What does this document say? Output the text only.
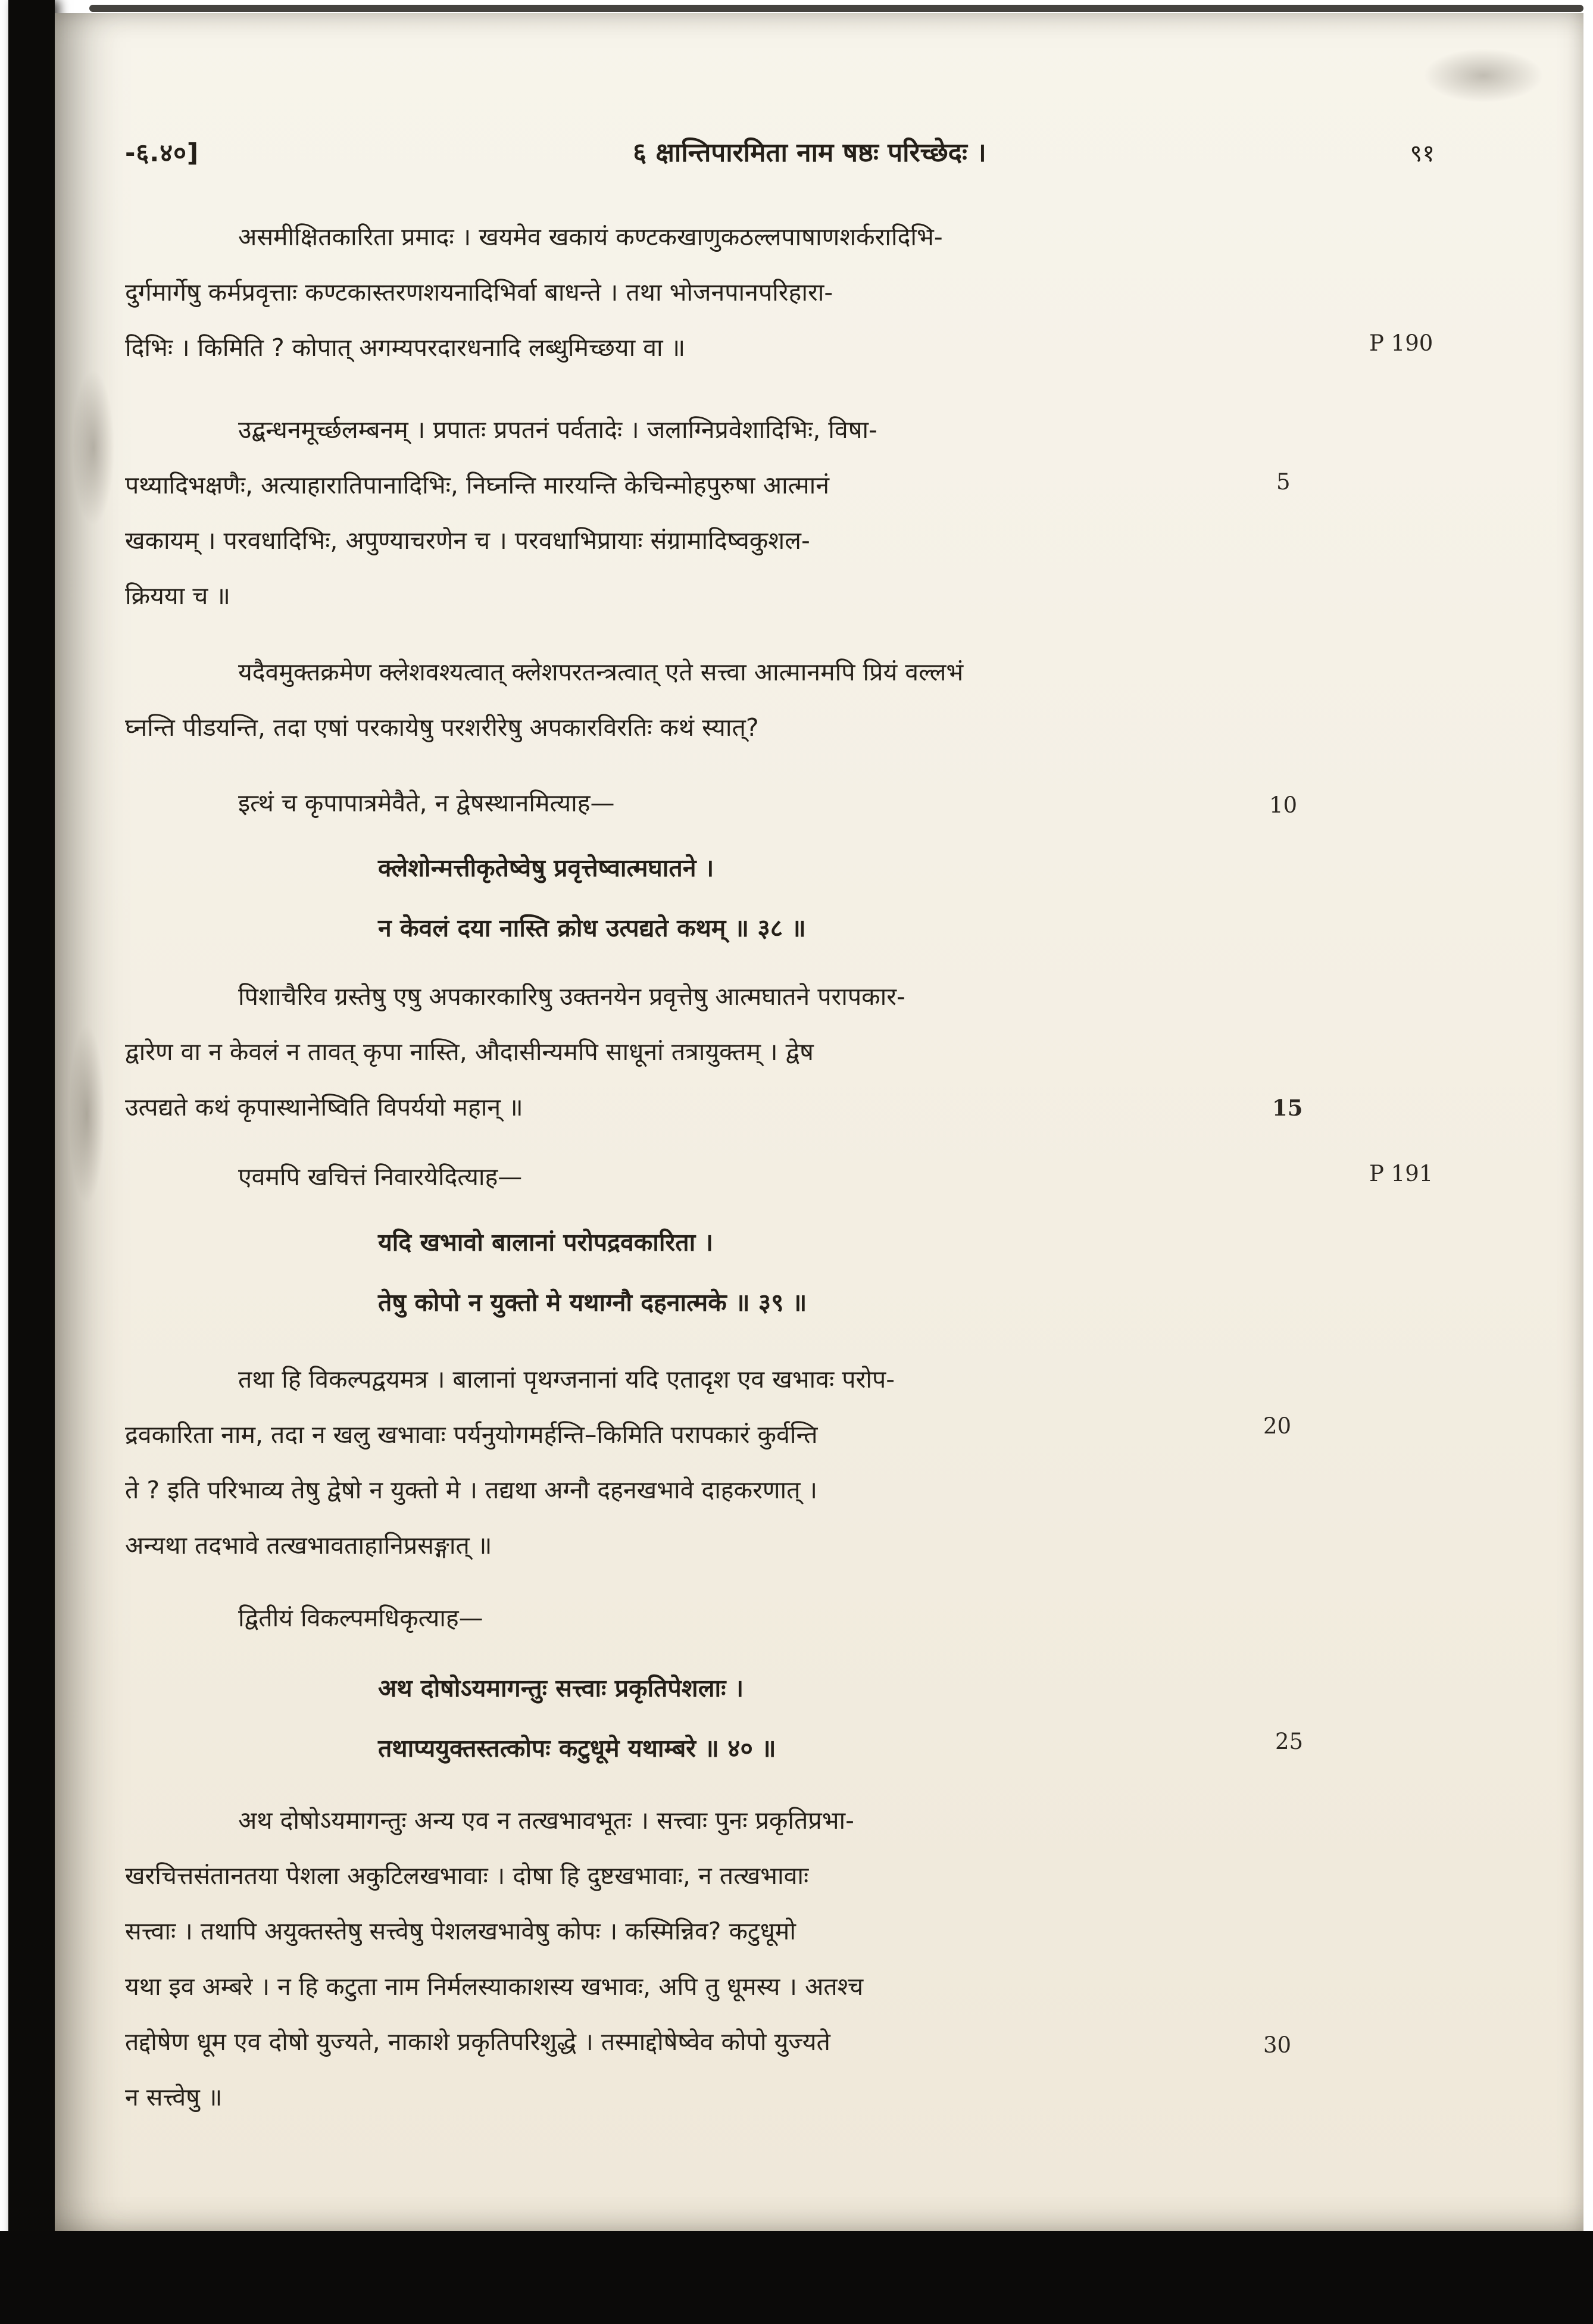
-६.४०]	६ क्षान्तिपारमिता नाम षष्ठः परिच्छेदः ।	९१
P 190
5
10
15
P 191
20
25
30
असमीक्षितकारिता प्रमादः । खयमेव खकायं कण्टकखाणुकठल्लपाषाणशर्करादिभि-
दुर्गमार्गेषु कर्मप्रवृत्ताः कण्टकास्तरणशयनादिभिर्वा बाधन्ते । तथा भोजनपानपरिहारा-
दिभिः । किमिति ? कोपात् अगम्यपरदारधनादि लब्धुमिच्छया वा ॥
उद्बन्धनमूर्च्छलम्बनम् । प्रपातः प्रपतनं पर्वतादेः । जलाग्निप्रवेशादिभिः, विषा-
पथ्यादिभक्षणैः, अत्याहारातिपानादिभिः, निघ्नन्ति मारयन्ति केचिन्मोहपुरुषा आत्मानं
खकायम् । परवधादिभिः, अपुण्याचरणेन च । परवधाभिप्रायाः संग्रामादिष्वकुशल-
क्रियया च ॥
यदैवमुक्तक्रमेण क्लेशवश्यत्वात् क्लेशपरतन्त्रत्वात् एते सत्त्वा आत्मानमपि प्रियं वल्लभं
घ्नन्ति पीडयन्ति, तदा एषां परकायेषु परशरीरेषु अपकारविरतिः कथं स्यात्?
इत्थं च कृपापात्रमेवैते, न द्वेषस्थानमित्याह—
क्लेशोन्मत्तीकृतेष्वेषु प्रवृत्तेष्वात्मघातने ।
न केवलं दया नास्ति क्रोध उत्पद्यते कथम् ॥ ३८ ॥
पिशाचैरिव ग्रस्तेषु एषु अपकारकारिषु उक्तनयेन प्रवृत्तेषु आत्मघातने परापकार-
द्वारेण वा न केवलं न तावत् कृपा नास्ति, औदासीन्यमपि साधूनां तत्रायुक्तम् । द्वेष
उत्पद्यते कथं कृपास्थानेष्विति विपर्ययो महान् ॥
एवमपि खचित्तं निवारयेदित्याह—
यदि खभावो बालानां परोपद्रवकारिता ।
तेषु कोपो न युक्तो मे यथाग्नौ दहनात्मके ॥ ३९ ॥
तथा हि विकल्पद्वयमत्र । बालानां पृथग्जनानां यदि एतादृश एव खभावः परोप-
द्रवकारिता नाम, तदा न खलु खभावाः पर्यनुयोगमर्हन्ति–किमिति परापकारं कुर्वन्ति
ते ? इति परिभाव्य तेषु द्वेषो न युक्तो मे । तद्यथा अग्नौ दहनखभावे दाहकरणात् ।
अन्यथा तदभावे तत्खभावताहानिप्रसङ्गात् ॥
द्वितीयं विकल्पमधिकृत्याह—
अथ दोषोऽयमागन्तुः सत्त्वाः प्रकृतिपेशलाः ।
तथाप्ययुक्तस्तत्कोपः कटुधूमे यथाम्बरे ॥ ४० ॥
अथ दोषोऽयमागन्तुः अन्य एव न तत्खभावभूतः । सत्त्वाः पुनः प्रकृतिप्रभा-
खरचित्तसंतानतया पेशला अकुटिलखभावाः । दोषा हि दुष्टखभावाः, न तत्खभावाः
सत्त्वाः । तथापि अयुक्तस्तेषु सत्त्वेषु पेशलखभावेषु कोपः । कस्मिन्निव? कटुधूमो
यथा इव अम्बरे । न हि कटुता नाम निर्मलस्याकाशस्य खभावः, अपि तु धूमस्य । अतश्च
तद्दोषेण धूम एव दोषो युज्यते, नाकाशे प्रकृतिपरिशुद्धे । तस्माद्दोषेष्वेव कोपो युज्यते
न सत्त्वेषु ॥
